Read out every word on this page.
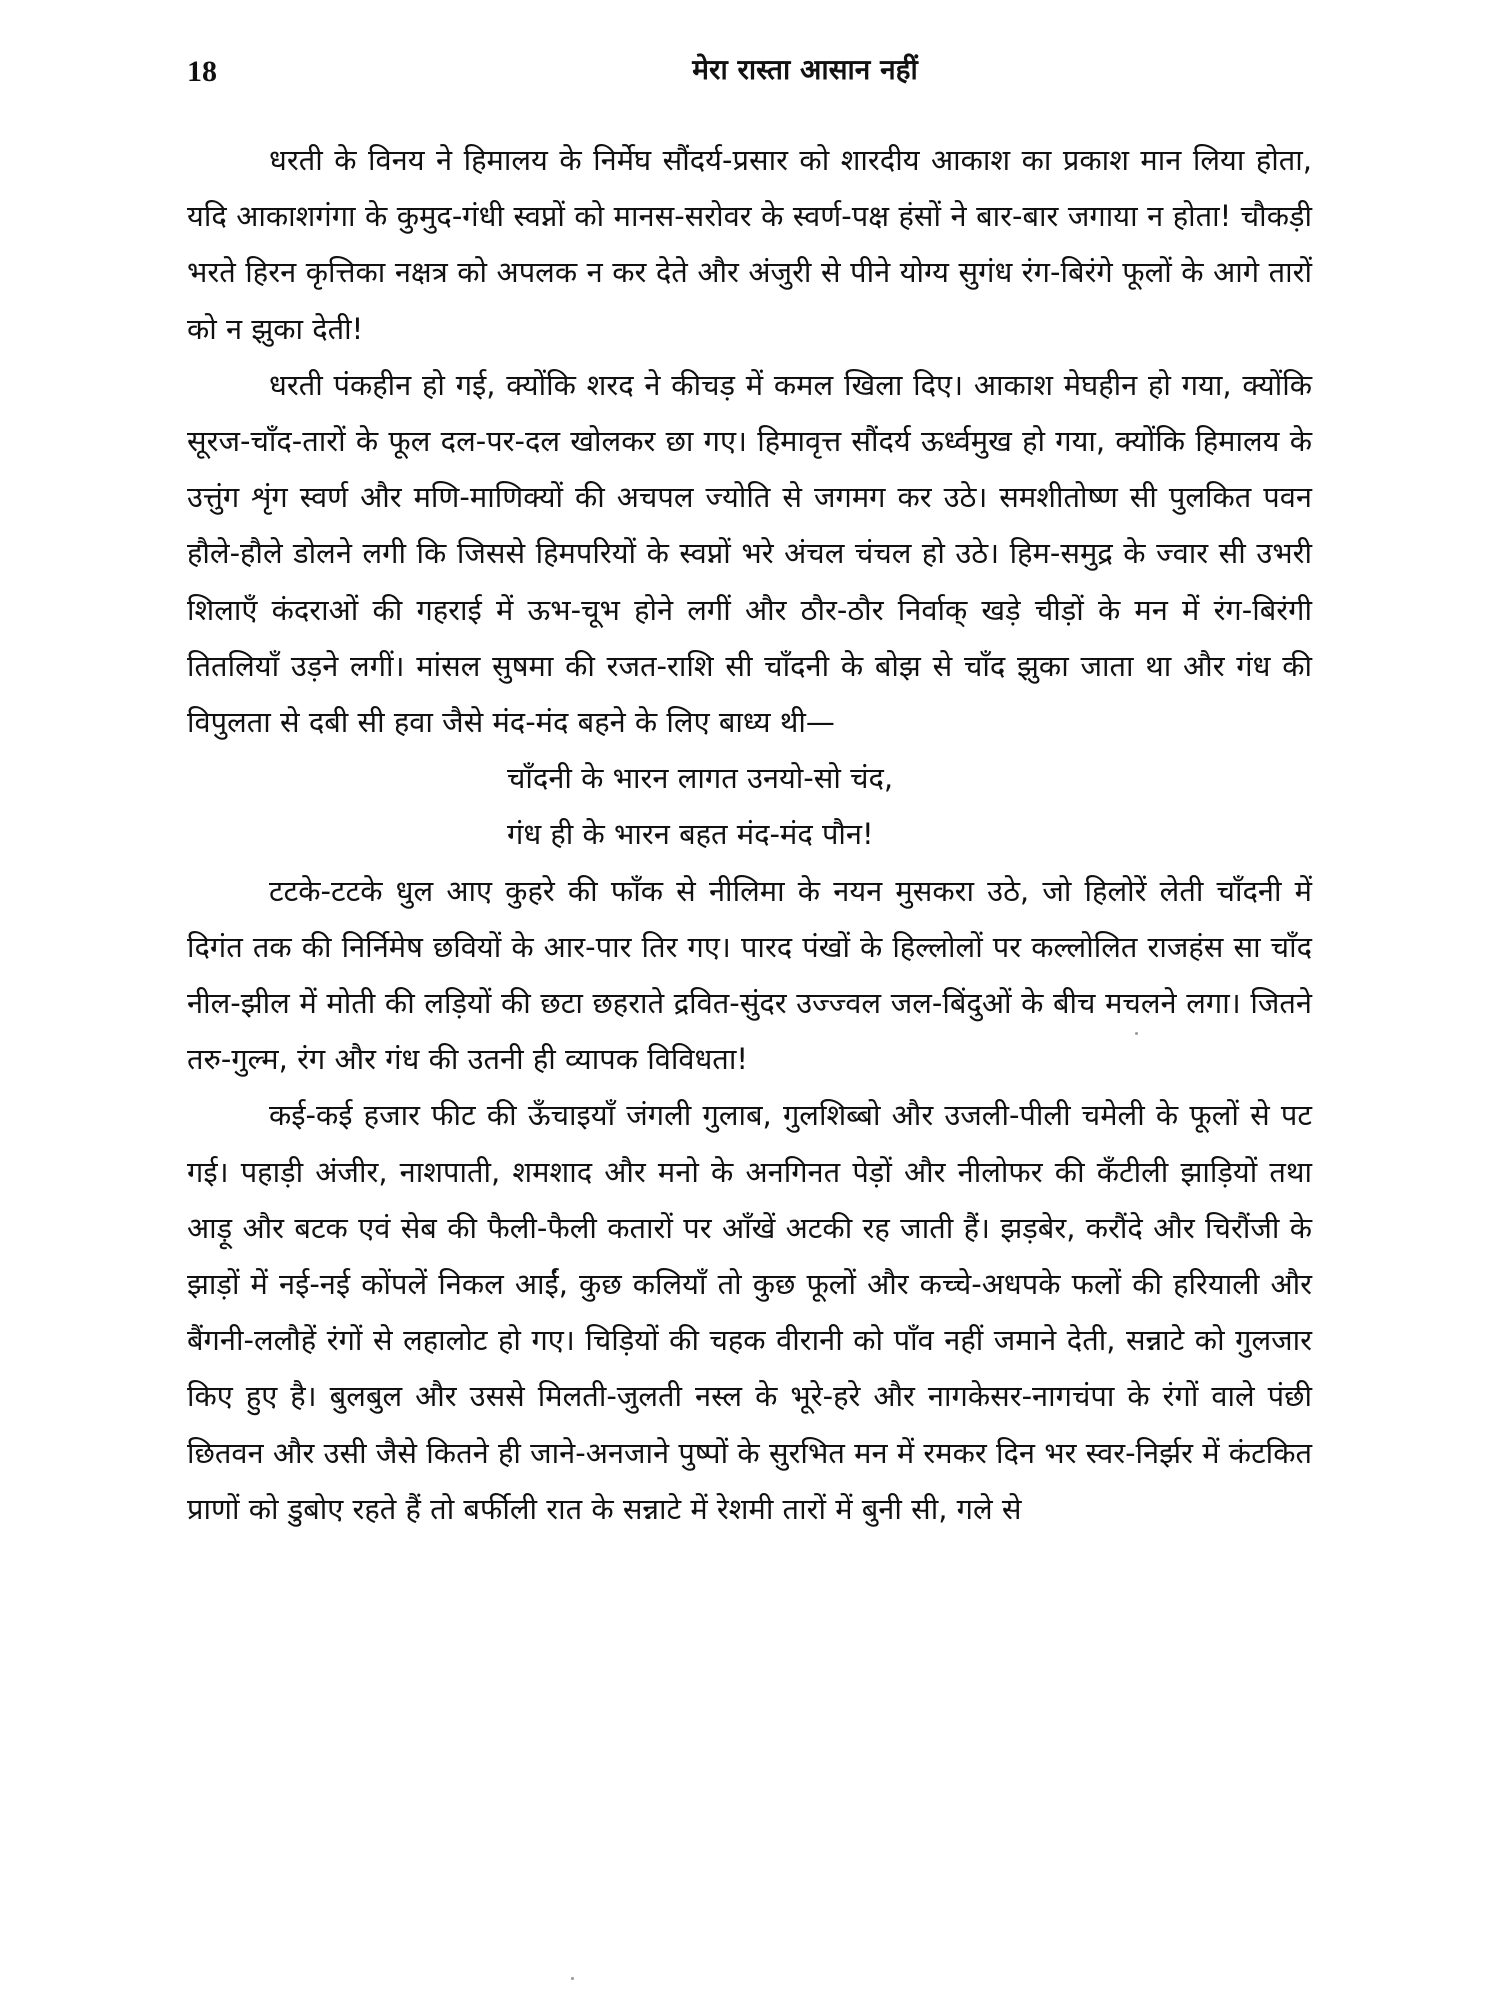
18	मेरा रास्ता आसान नहीं

धरती के विनय ने हिमालय के निर्मेघ सौंदर्य-प्रसार को शारदीय आकाश का प्रकाश मान लिया होता, यदि आकाशगंगा के कुमुद-गंधी स्वप्नों को मानस-सरोवर के स्वर्ण-पक्ष हंसों ने बार-बार जगाया न होता! चौकड़ी भरते हिरन कृत्तिका नक्षत्र को अपलक न कर देते और अंजुरी से पीने योग्य सुगंध रंग-बिरंगे फूलों के आगे तारों को न झुका देती!

धरती पंकहीन हो गई, क्योंकि शरद ने कीचड़ में कमल खिला दिए। आकाश मेघहीन हो गया, क्योंकि सूरज-चाँद-तारों के फूल दल-पर-दल खोलकर छा गए। हिमावृत्त सौंदर्य ऊर्ध्वमुख हो गया, क्योंकि हिमालय के उत्तुंग शृंग स्वर्ण और मणि-माणिक्यों की अचपल ज्योति से जगमग कर उठे। समशीतोष्ण सी पुलकित पवन हौले-हौले डोलने लगी कि जिससे हिमपरियों के स्वप्नों भरे अंचल चंचल हो उठे। हिम-समुद्र के ज्वार सी उभरी शिलाएँ कंदराओं की गहराई में ऊभ-चूभ होने लगीं और ठौर-ठौर निर्वाक् खड़े चीड़ों के मन में रंग-बिरंगी तितलियाँ उड़ने लगीं। मांसल सुषमा की रजत-राशि सी चाँदनी के बोझ से चाँद झुका जाता था और गंध की विपुलता से दबी सी हवा जैसे मंद-मंद बहने के लिए बाध्य थी—

चाँदनी के भारन लागत उनयो-सो चंद,

गंध ही के भारन बहत मंद-मंद पौन!

टटके-टटके धुल आए कुहरे की फाँक से नीलिमा के नयन मुसकरा उठे, जो हिलोरें लेती चाँदनी में दिगंत तक की निर्निमेष छवियों के आर-पार तिर गए। पारद पंखों के हिल्लोलों पर कल्लोलित राजहंस सा चाँद नील-झील में मोती की लड़ियों की छटा छहराते द्रवित-सुंदर उज्ज्वल जल-बिंदुओं के बीच मचलने लगा। जितने तरु-गुल्म, रंग और गंध की उतनी ही व्यापक विविधता!

कई-कई हजार फीट की ऊँचाइयाँ जंगली गुलाब, गुलशिब्बो और उजली-पीली चमेली के फूलों से पट गई। पहाड़ी अंजीर, नाशपाती, शमशाद और मनो के अनगिनत पेड़ों और नीलोफर की कँटीली झाड़ियों तथा आड़ू और बटक एवं सेब की फैली-फैली कतारों पर आँखें अटकी रह जाती हैं। झड़बेर, करौंदे और चिरौंजी के झाड़ों में नई-नई कोंपलें निकल आईं, कुछ कलियाँ तो कुछ फूलों और कच्चे-अधपके फलों की हरियाली और बैंगनी-ललौहें रंगों से लहालोट हो गए। चिड़ियों की चहक वीरानी को पाँव नहीं जमाने देती, सन्नाटे को गुलजार किए हुए है। बुलबुल और उससे मिलती-जुलती नस्ल के भूरे-हरे और नागकेसर-नागचंपा के रंगों वाले पंछी छितवन और उसी जैसे कितने ही जाने-अनजाने पुष्पों के सुरभित मन में रमकर दिन भर स्वर-निर्झर में कंटकित प्राणों को डुबोए रहते हैं तो बर्फीली रात के सन्नाटे में रेशमी तारों में बुनी सी, गले से
